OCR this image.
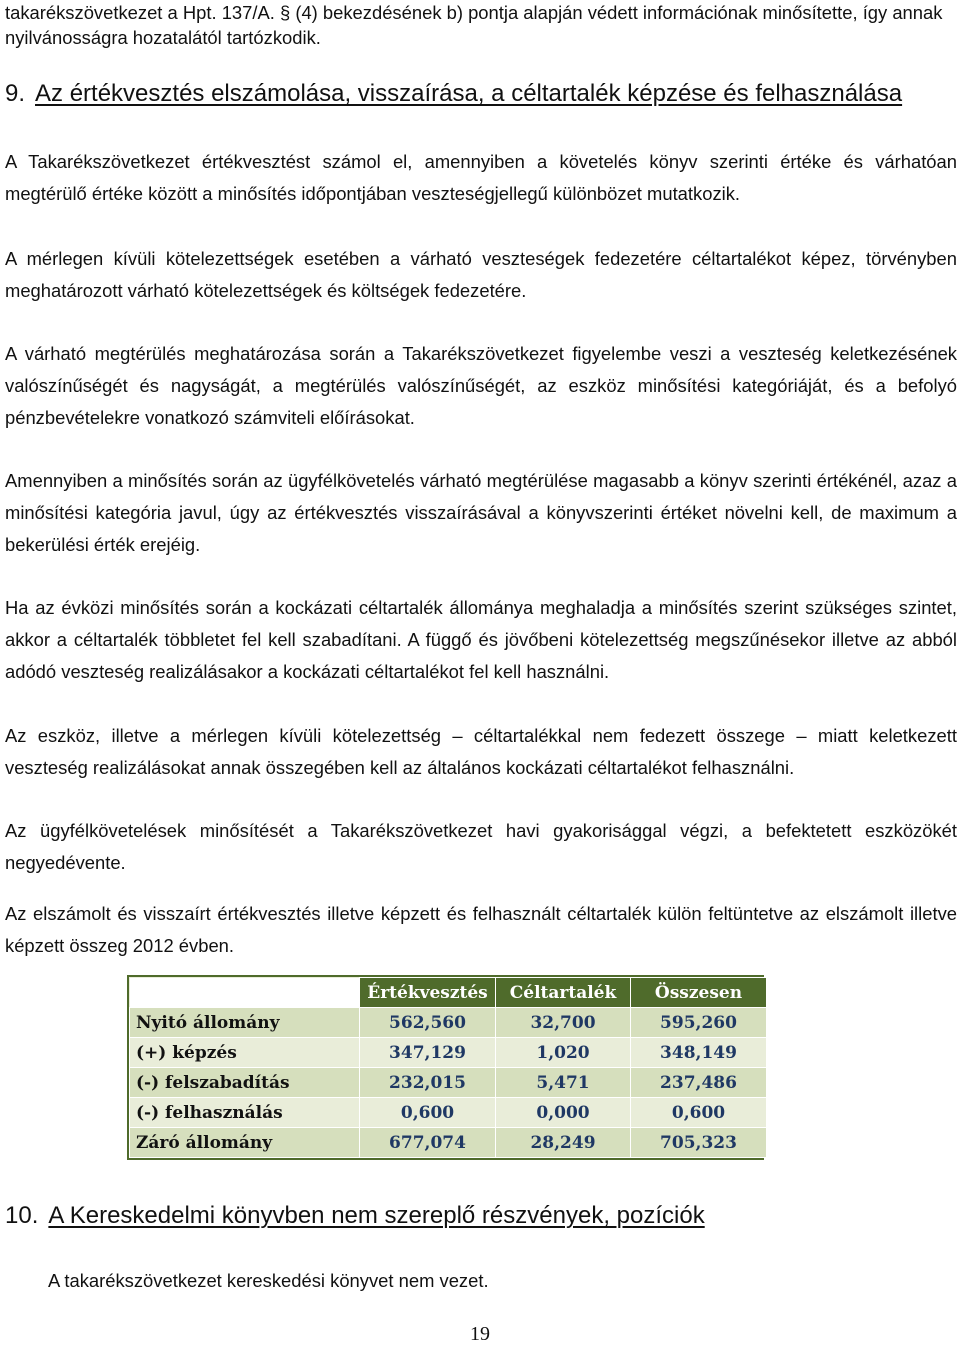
takarékszövetkezet a Hpt. 137/A. § (4) bekezdésének b) pontja alapján védett információnak minősítette, így annak nyilvánosságra hozatalától tartózkodik.

9. Az értékvesztés elszámolása, visszaírása, a céltartalék képzése és felhasználása

A Takarékszövetkezet értékvesztést számol el, amennyiben a követelés könyv szerinti értéke és várhatóan megtérülő értéke között a minősítés időpontjában veszteségjellegű különbözet mutatkozik.

A mérlegen kívüli kötelezettségek esetében a várható veszteségek fedezetére céltartalékot képez, törvényben meghatározott várható kötelezettségek és költségek fedezetére.

A várható megtérülés meghatározása során a Takarékszövetkezet figyelembe veszi a veszteség keletkezésének valószínűségét és nagyságát, a megtérülés valószínűségét, az eszköz minősítési kategóriáját, és a befolyó pénzbevételekre vonatkozó számviteli előírásokat.

Amennyiben a minősítés során az ügyfélkövetelés várható megtérülése magasabb a könyv szerinti értékénél, azaz a minősítési kategória javul, úgy az értékvesztés visszaírásával a könyvszerinti értéket növelni kell, de maximum a bekerülési érték erejéig.

Ha az évközi minősítés során a kockázati céltartalék állománya meghaladja a minősítés szerint szükséges szintet, akkor a céltartalék többletet fel kell szabadítani. A függő és jövőbeni kötelezettség megszűnésekor illetve az abból adódó veszteség realizálásakor a kockázati céltartalékot fel kell használni.

Az eszköz, illetve a mérlegen kívüli kötelezettség – céltartalékkal nem fedezett összege – miatt keletkezett veszteség realizálásokat annak összegében kell az általános kockázati céltartalékot felhasználni.

Az ügyfélkövetelések minősítését a Takarékszövetkezet havi gyakorisággal végzi, a befektetett eszközökét negyedévente.

Az elszámolt és visszaírt értékvesztés illetve képzett és felhasznált céltartalék külön feltüntetve az elszámolt illetve képzett összeg 2012 évben.

	Értékvesztés	Céltartalék	Összesen
Nyitó állomány	562,560	32,700	595,260
(+) képzés	347,129	1,020	348,149
(-) felszabadítás	232,015	5,471	237,486
(-) felhasználás	0,600	0,000	0,600
Záró állomány	677,074	28,249	705,323
10. A Kereskedelmi könyvben nem szereplő részvények, pozíciók

A takarékszövetkezet kereskedési könyvet nem vezet.

19
